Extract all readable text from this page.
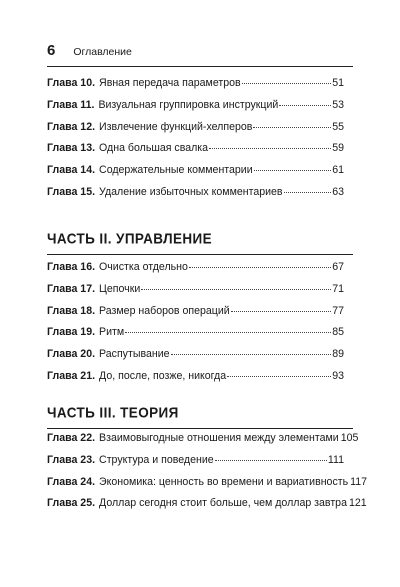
6 Оглавление
Глава 10. Явная передача параметров	51
Глава 11. Визуальная группировка инструкций	53
Глава 12. Извлечение функций-хелперов	55
Глава 13. Одна большая свалка	59
Глава 14. Содержательные комментарии	61
Глава 15. Удаление избыточных комментариев	63
ЧАСТЬ II. УПРАВЛЕНИЕ
Глава 16. Очистка отдельно	67
Глава 17. Цепочки	71
Глава 18. Размер наборов операций	77
Глава 19. Ритм	85
Глава 20. Распутывание	89
Глава 21. До, после, позже, никогда	93
ЧАСТЬ III. ТЕОРИЯ
Глава 22. Взаимовыгодные отношения между элементами 105
Глава 23. Структура и поведение	111
Глава 24. Экономика: ценность во времени и вариативность 117
Глава 25. Доллар сегодня стоит больше, чем доллар завтра 121
